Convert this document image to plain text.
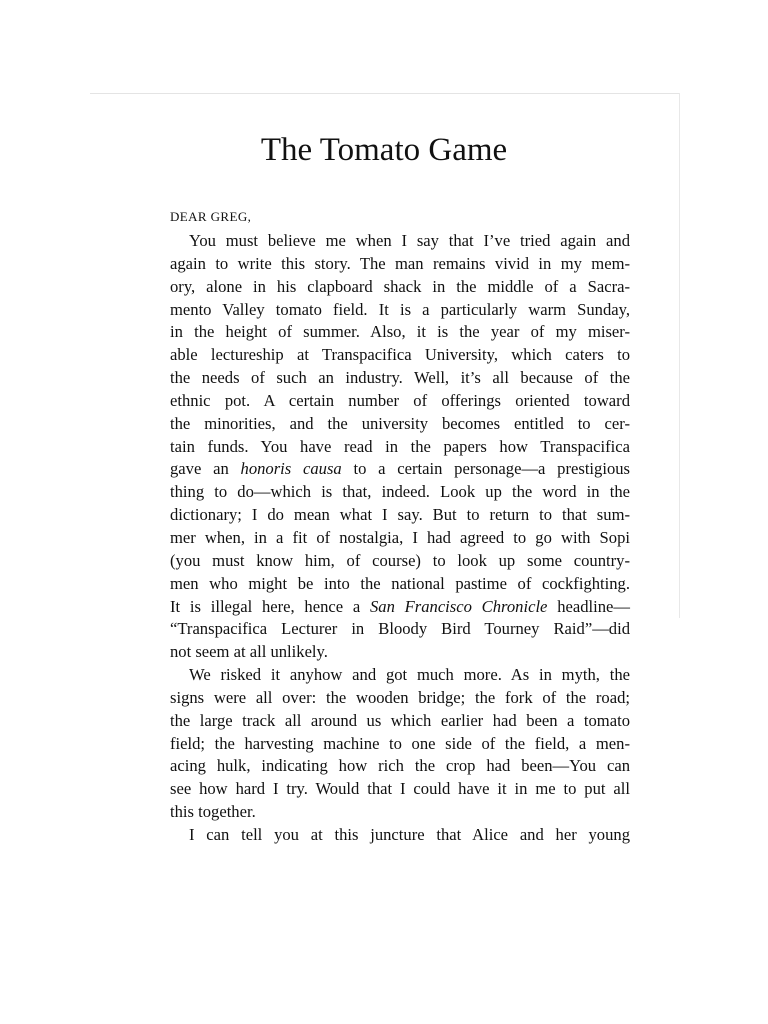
The Tomato Game
DEAR GREG,
You must believe me when I say that I’ve tried again and
again to write this story. The man remains vivid in my mem-
ory, alone in his clapboard shack in the middle of a Sacra-
mento Valley tomato field. It is a particularly warm Sunday,
in the height of summer. Also, it is the year of my miser-
able lectureship at Transpacifica University, which caters to
the needs of such an industry. Well, it’s all because of the
ethnic pot. A certain number of offerings oriented toward
the minorities, and the university becomes entitled to cer-
tain funds. You have read in the papers how Transpacifica
gave an honoris causa to a certain personage—a prestigious
thing to do—which is that, indeed. Look up the word in the
dictionary; I do mean what I say. But to return to that sum-
mer when, in a fit of nostalgia, I had agreed to go with Sopi
(you must know him, of course) to look up some country-
men who might be into the national pastime of cockfighting.
It is illegal here, hence a San Francisco Chronicle headline—
“Transpacifica Lecturer in Bloody Bird Tourney Raid”—did
not seem at all unlikely.
We risked it anyhow and got much more. As in myth, the
signs were all over: the wooden bridge; the fork of the road;
the large track all around us which earlier had been a tomato
field; the harvesting machine to one side of the field, a men-
acing hulk, indicating how rich the crop had been—You can
see how hard I try. Would that I could have it in me to put all
this together.
I can tell you at this juncture that Alice and her young
